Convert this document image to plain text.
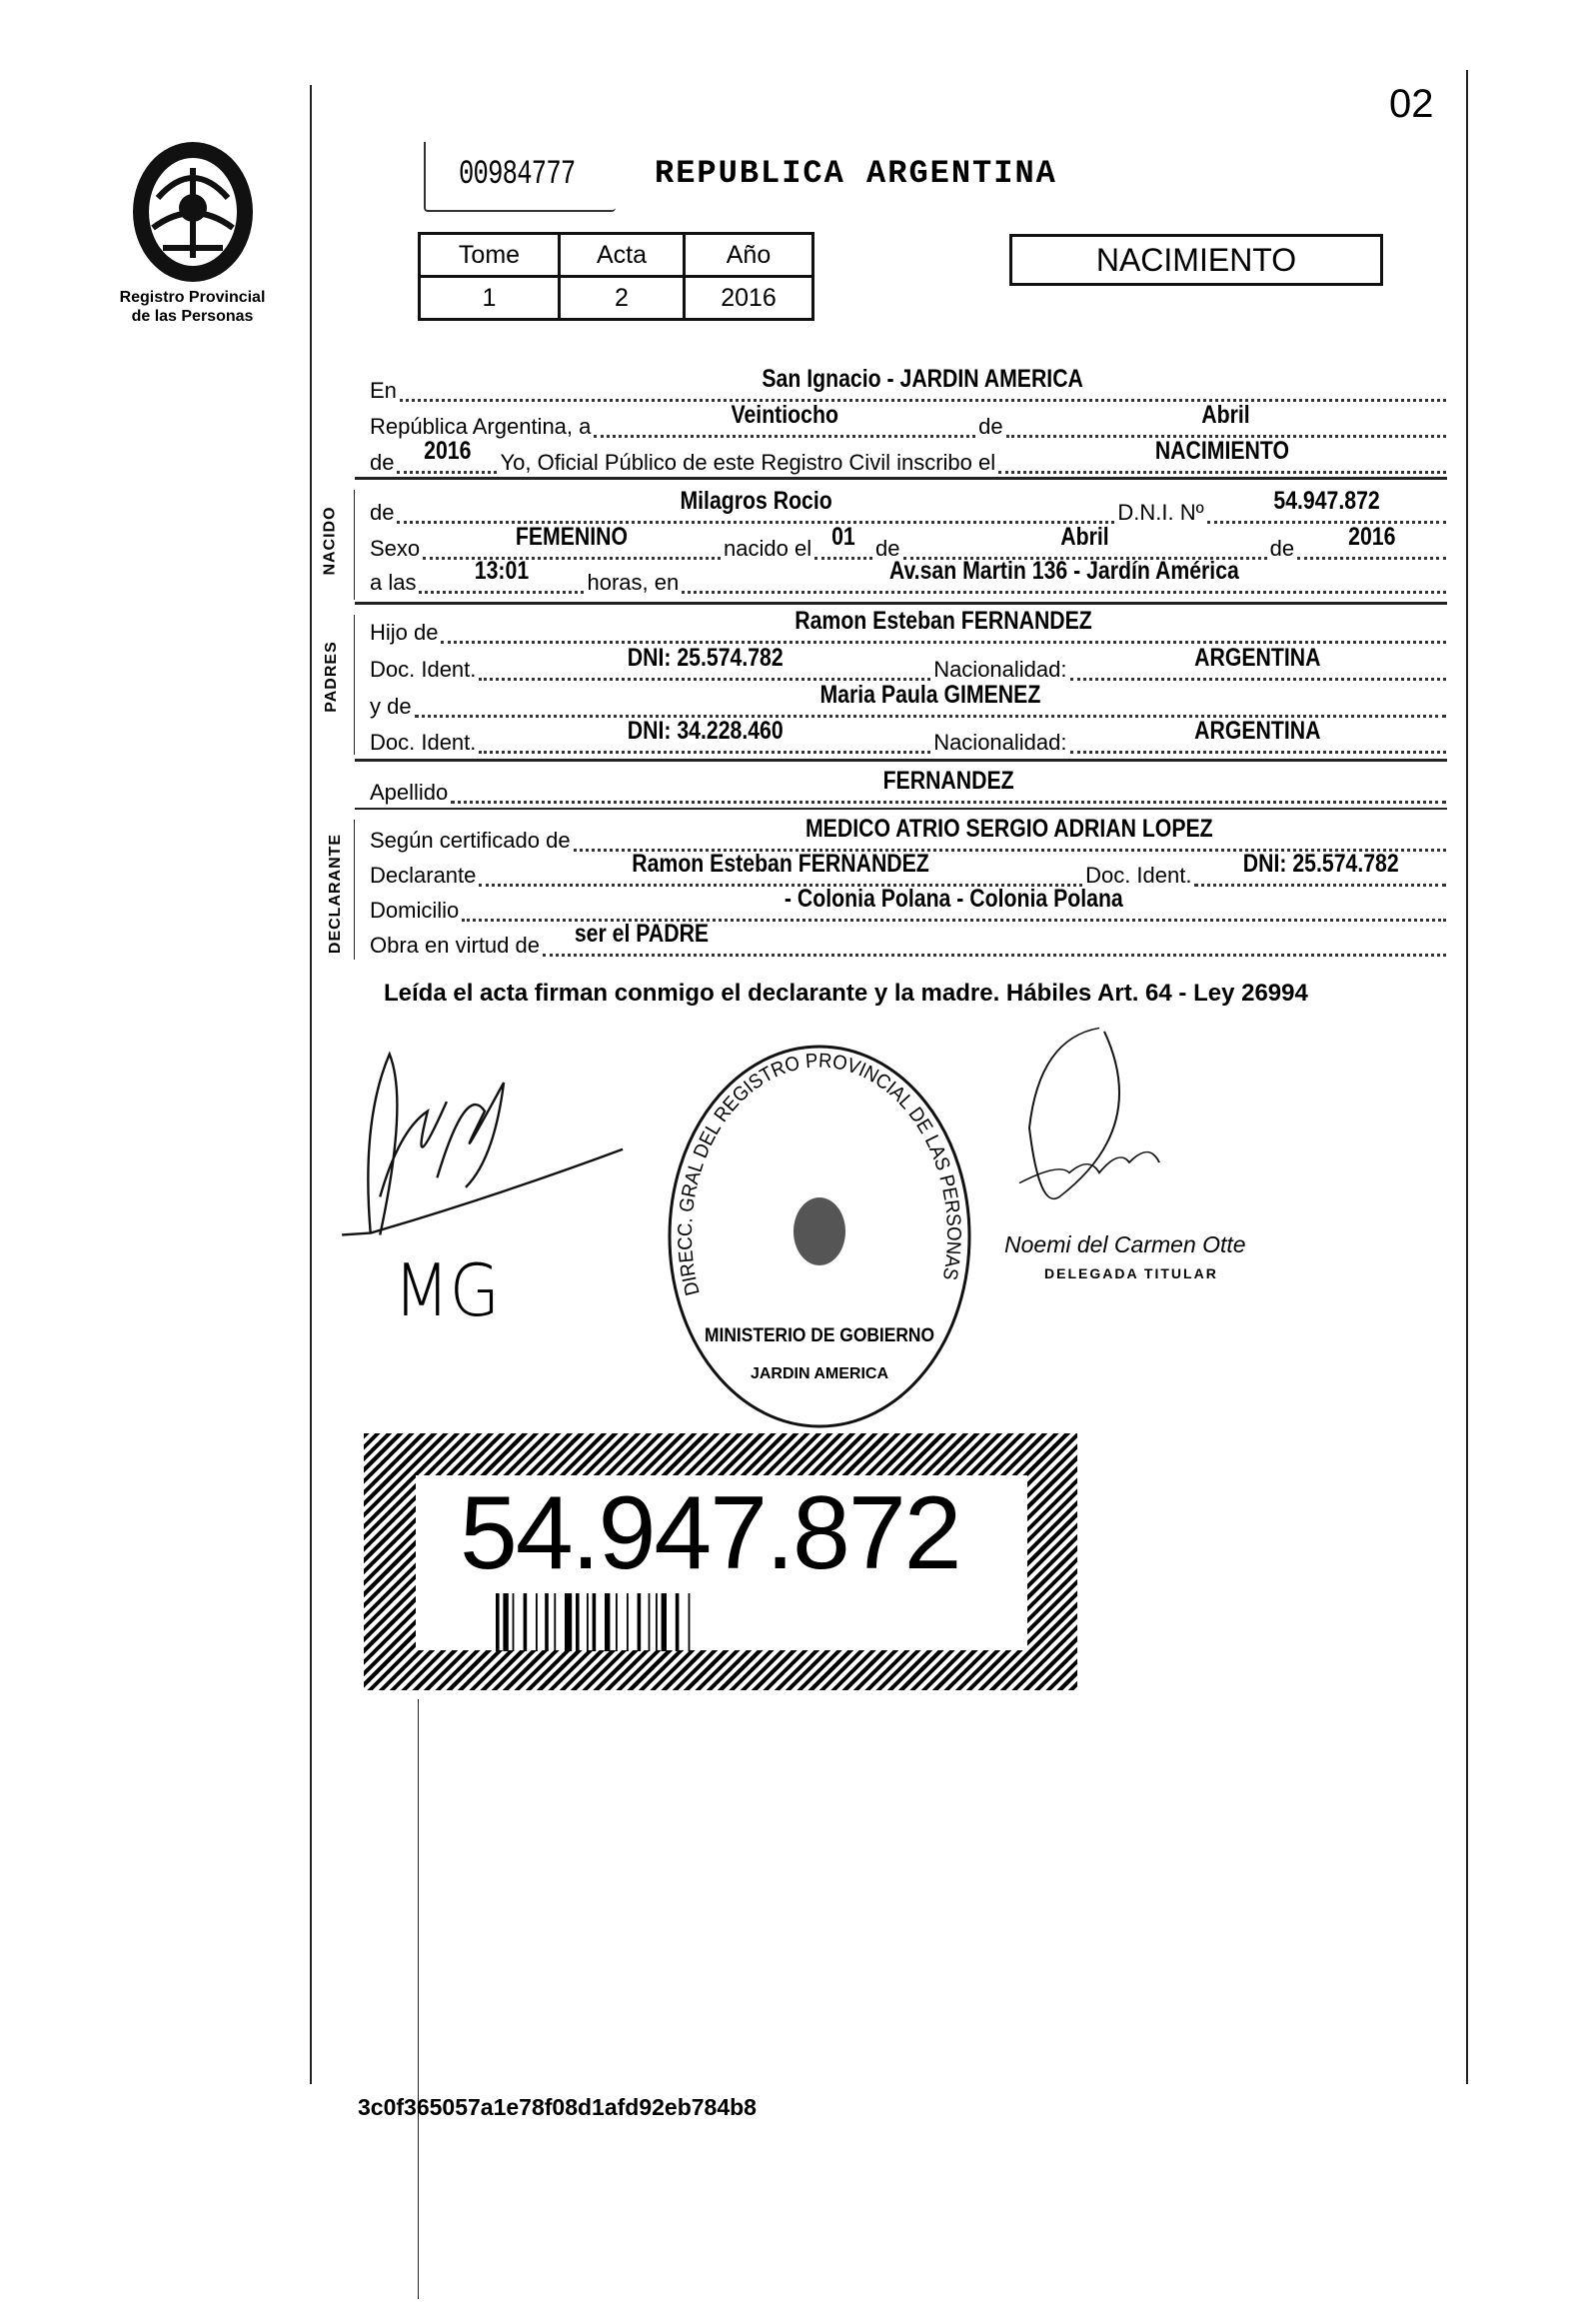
02
Registro Provincial
de las Personas
00984777 REPUBLICA ARGENTINA
Tome	Acta	Año
1	2	2016
NACIMIENTO
NACIDO
PADRES
DECLARANTE
En	San Ignacio - JARDIN AMERICA
República Argentina, a	Veintiocho	de	Abril
de 2016 Yo, Oficial Público de este Registro Civil inscribo el	NACIMIENTO
de	Milagros Rocio	D.N.I. Nº	54.947.872
Sexo	FEMENINO	nacido el 01 de	Abril	de 2016
a las 13:01	horas, en	Av.san Martin 136 - Jardín América
Hijo de	Ramon Esteban FERNANDEZ
Doc. Ident.	DNI: 25.574.782	Nacionalidad:	ARGENTINA
y de	Maria Paula GIMENEZ
Doc. Ident.	DNI: 34.228.460	Nacionalidad:	ARGENTINA
Apellido	FERNANDEZ
Según certificado de	MEDICO ATRIO SERGIO ADRIAN LOPEZ
Declarante	Ramon Esteban FERNANDEZ	Doc. Ident. DNI: 25.574.782
Domicilio	- Colonia Polana - Colonia Polana
Obra en virtud de ser el PADRE
Leída el acta firman conmigo el declarante y la madre. Hábiles Art. 64 - Ley 26994
MG	DIRECC. GRAL DEL REGISTRO PROVINCIAL DE LAS PERSONAS
MINISTERIO DE GOBIERNO
JARDIN AMERICA
Noemi del Carmen Otte
DELEGADA TITULAR
54.947.872
3c0f365057a1e78f08d1afd92eb784b8
